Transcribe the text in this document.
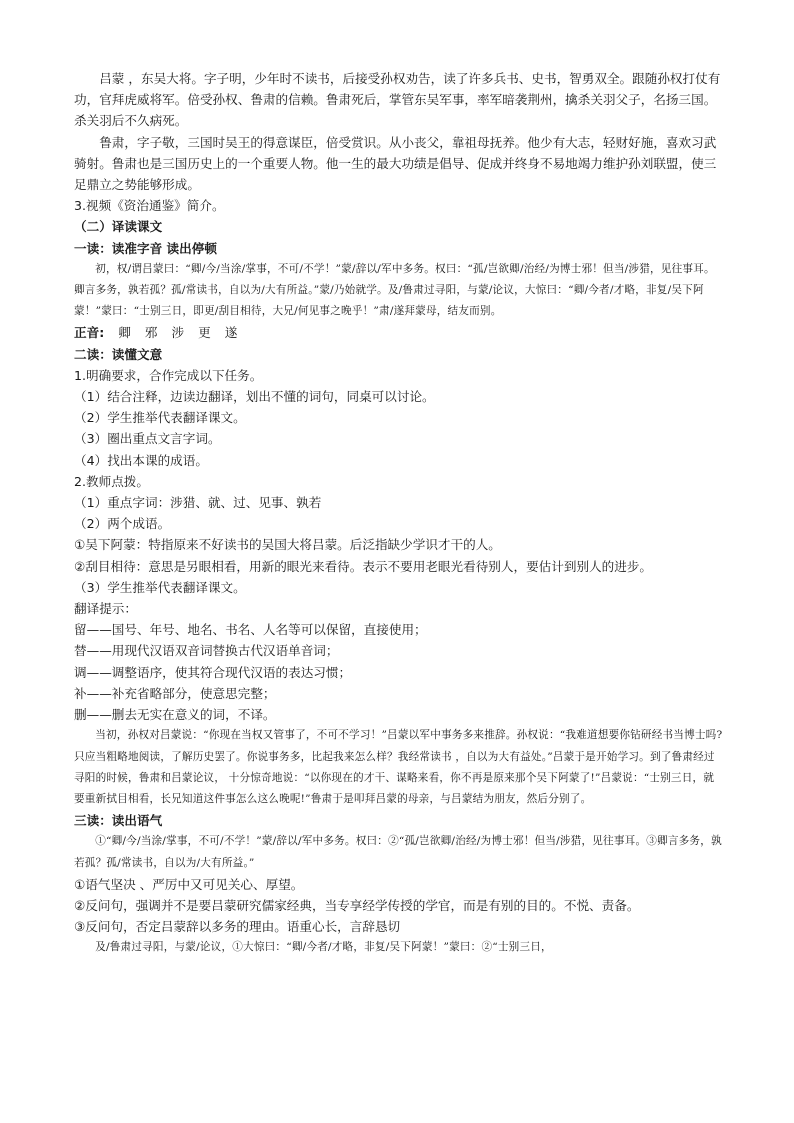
吕蒙 ，东吴大将。字子明，少年时不读书，后接受孙权劝告，读了许多兵书、史书，智勇双全。跟随孙权打仗有功，官拜虎威将军。倍受孙权、鲁肃的信赖。鲁肃死后，掌管东吴军事，率军暗袭荆州，擒杀关羽父子，名扬三国。杀关羽后不久病死。

鲁肃，字子敬，三国时吴王的得意谋臣，倍受赏识。从小丧父，靠祖母抚养。他少有大志，轻财好施，喜欢习武骑射。鲁肃也是三国历史上的一个重要人物。他一生的最大功绩是倡导、促成并终身不易地竭力维护孙刘联盟，使三足鼎立之势能够形成。

3.视频《资治通鉴》简介。

（二）译读课文

一读：读准字音 读出停顿

初，权/谓吕蒙曰：“卿/今/当涂/掌事，不可/不学！”蒙/辞以/军中多务。权曰：“孤/岂欲卿/治经/为博士邪！但当/涉猎，见往事耳。卿言多务，孰若孤？孤/常读书，自以为/大有所益。”蒙/乃始就学。及/鲁肃过寻阳，与蒙/论议，大惊曰：“卿/今者/才略，非复/吴下阿蒙！”蒙曰：“士别三日，即更/刮目相待，大兄/何见事之晚乎！”肃/遂拜蒙母，结友而别。

正音: 卿 邪 涉 更 遂

二读：读懂文意

1.明确要求，合作完成以下任务。

（1）结合注释，边读边翻译，划出不懂的词句，同桌可以讨论。

（2）学生推举代表翻译课文。

（3）圈出重点文言字词。

（4）找出本课的成语。

2.教师点拨。

（1）重点字词：涉猎、就、过、见事、孰若

（2）两个成语。

①吴下阿蒙：特指原来不好读书的吴国大将吕蒙。后泛指缺少学识才干的人。

②刮目相待：意思是另眼相看，用新的眼光来看待。表示不要用老眼光看待别人，要估计到别人的进步。

（3）学生推举代表翻译课文。

翻译提示：

留——国号、年号、地名、书名、人名等可以保留，直接使用；

替——用现代汉语双音词替换古代汉语单音词；

调——调整语序，使其符合现代汉语的表达习惯；

补——补充省略部分，使意思完整；

删——删去无实在意义的词，不译。

当初，孙权对吕蒙说：“你现在当权又管事了，不可不学习！”吕蒙以军中事务多来推辞。孙权说：“我难道想要你钻研经书当博士吗?只应当粗略地阅读，了解历史罢了。你说事务多，比起我来怎么样？我经常读书 ，自以为大有益处。”吕蒙于是开始学习。到了鲁肃经过寻阳的时候，鲁肃和吕蒙论议， 十分惊奇地说：“以你现在的才干、谋略来看，你不再是原来那个吴下阿蒙了!”吕蒙说：“士别三日，就要重新拭目相看，长兄知道这件事怎么这么晚呢!”鲁肃于是叩拜吕蒙的母亲，与吕蒙结为朋友，然后分别了。

三读：读出语气

①“卿/今/当涂/掌事，不可/不学！”蒙/辞以/军中多务。权曰：②“孤/岂欲卿/治经/为博士邪！但当/涉猎，见往事耳。③卿言多务，孰若孤？孤/常读书，自以为/大有所益。”

①语气坚决 、严厉中又可见关心、厚望。

②反问句，强调并不是要吕蒙研究儒家经典，当专享经学传授的学官，而是有别的目的。不悦、责备。

③反问句，否定吕蒙辞以多务的理由。语重心长，言辞恳切

及/鲁肃过寻阳，与蒙/论议，①大惊曰：“卿/今者/才略，非复/吴下阿蒙！”蒙曰：②“士别三日，
